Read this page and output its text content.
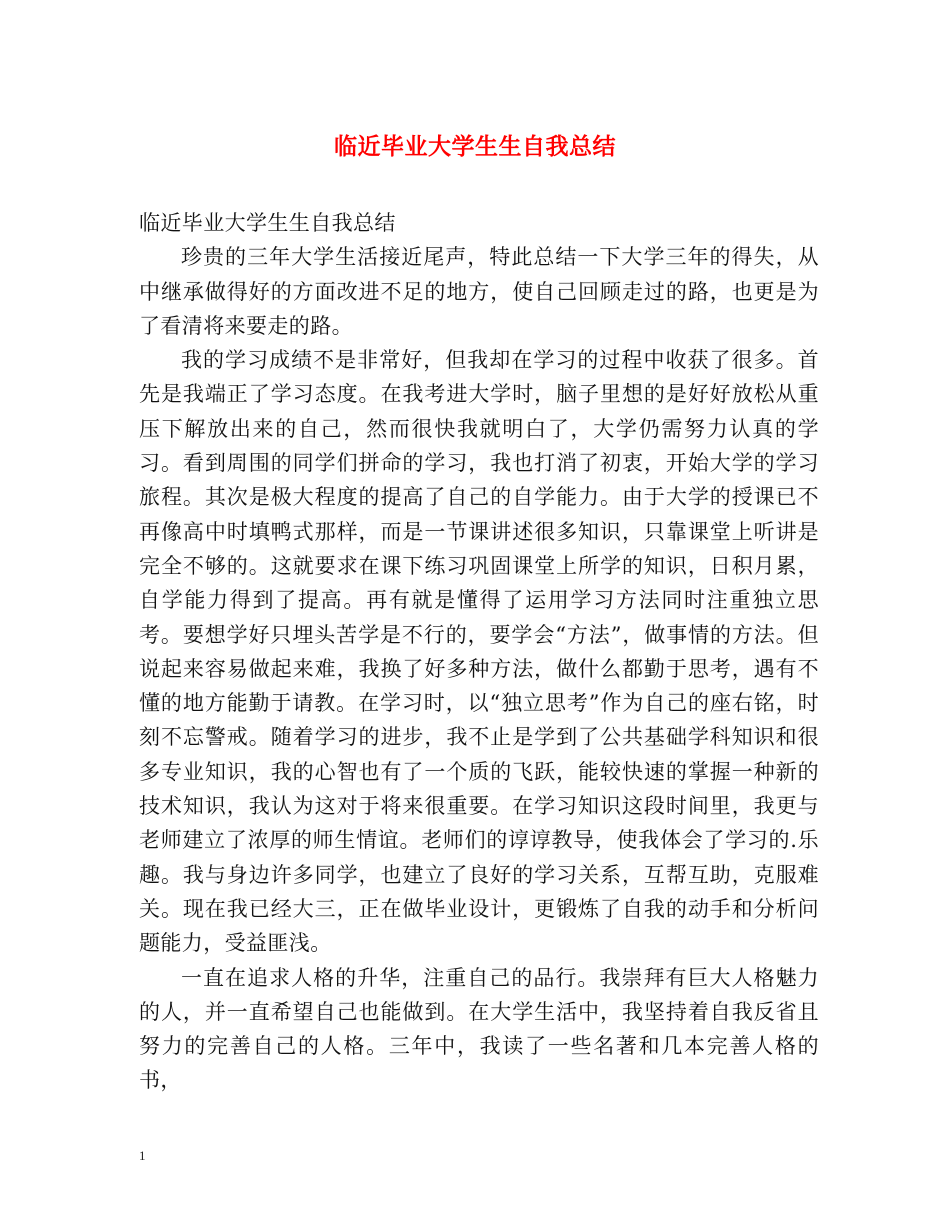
临近毕业大学生生自我总结

临近毕业大学生生自我总结

珍贵的三年大学生活接近尾声，特此总结一下大学三年的得失，从中继承做得好的方面改进不足的地方，使自己回顾走过的路，也更是为了看清将来要走的路。

我的学习成绩不是非常好，但我却在学习的过程中收获了很多。首先是我端正了学习态度。在我考进大学时，脑子里想的是好好放松从重压下解放出来的自己，然而很快我就明白了，大学仍需努力认真的学习。看到周围的同学们拼命的学习，我也打消了初衷，开始大学的学习旅程。其次是极大程度的提高了自己的自学能力。由于大学的授课已不再像高中时填鸭式那样，而是一节课讲述很多知识，只靠课堂上听讲是完全不够的。这就要求在课下练习巩固课堂上所学的知识，日积月累，自学能力得到了提高。再有就是懂得了运用学习方法同时注重独立思考。要想学好只埋头苦学是不行的，要学会“方法”，做事情的方法。但说起来容易做起来难，我换了好多种方法，做什么都勤于思考，遇有不懂的地方能勤于请教。在学习时，以“独立思考”作为自己的座右铭，时刻不忘警戒。随着学习的进步，我不止是学到了公共基础学科知识和很多专业知识，我的心智也有了一个质的飞跃，能较快速的掌握一种新的技术知识，我认为这对于将来很重要。在学习知识这段时间里，我更与老师建立了浓厚的师生情谊。老师们的谆谆教导，使我体会了学习的.乐趣。我与身边许多同学，也建立了良好的学习关系，互帮互助，克服难关。现在我已经大三，正在做毕业设计，更锻炼了自我的动手和分析问题能力，受益匪浅。

一直在追求人格的升华，注重自己的品行。我崇拜有巨大人格魅力的人，并一直希望自己也能做到。在大学生活中，我坚持着自我反省且努力的完善自己的人格。三年中，我读了一些名著和几本完善人格的书，

1
